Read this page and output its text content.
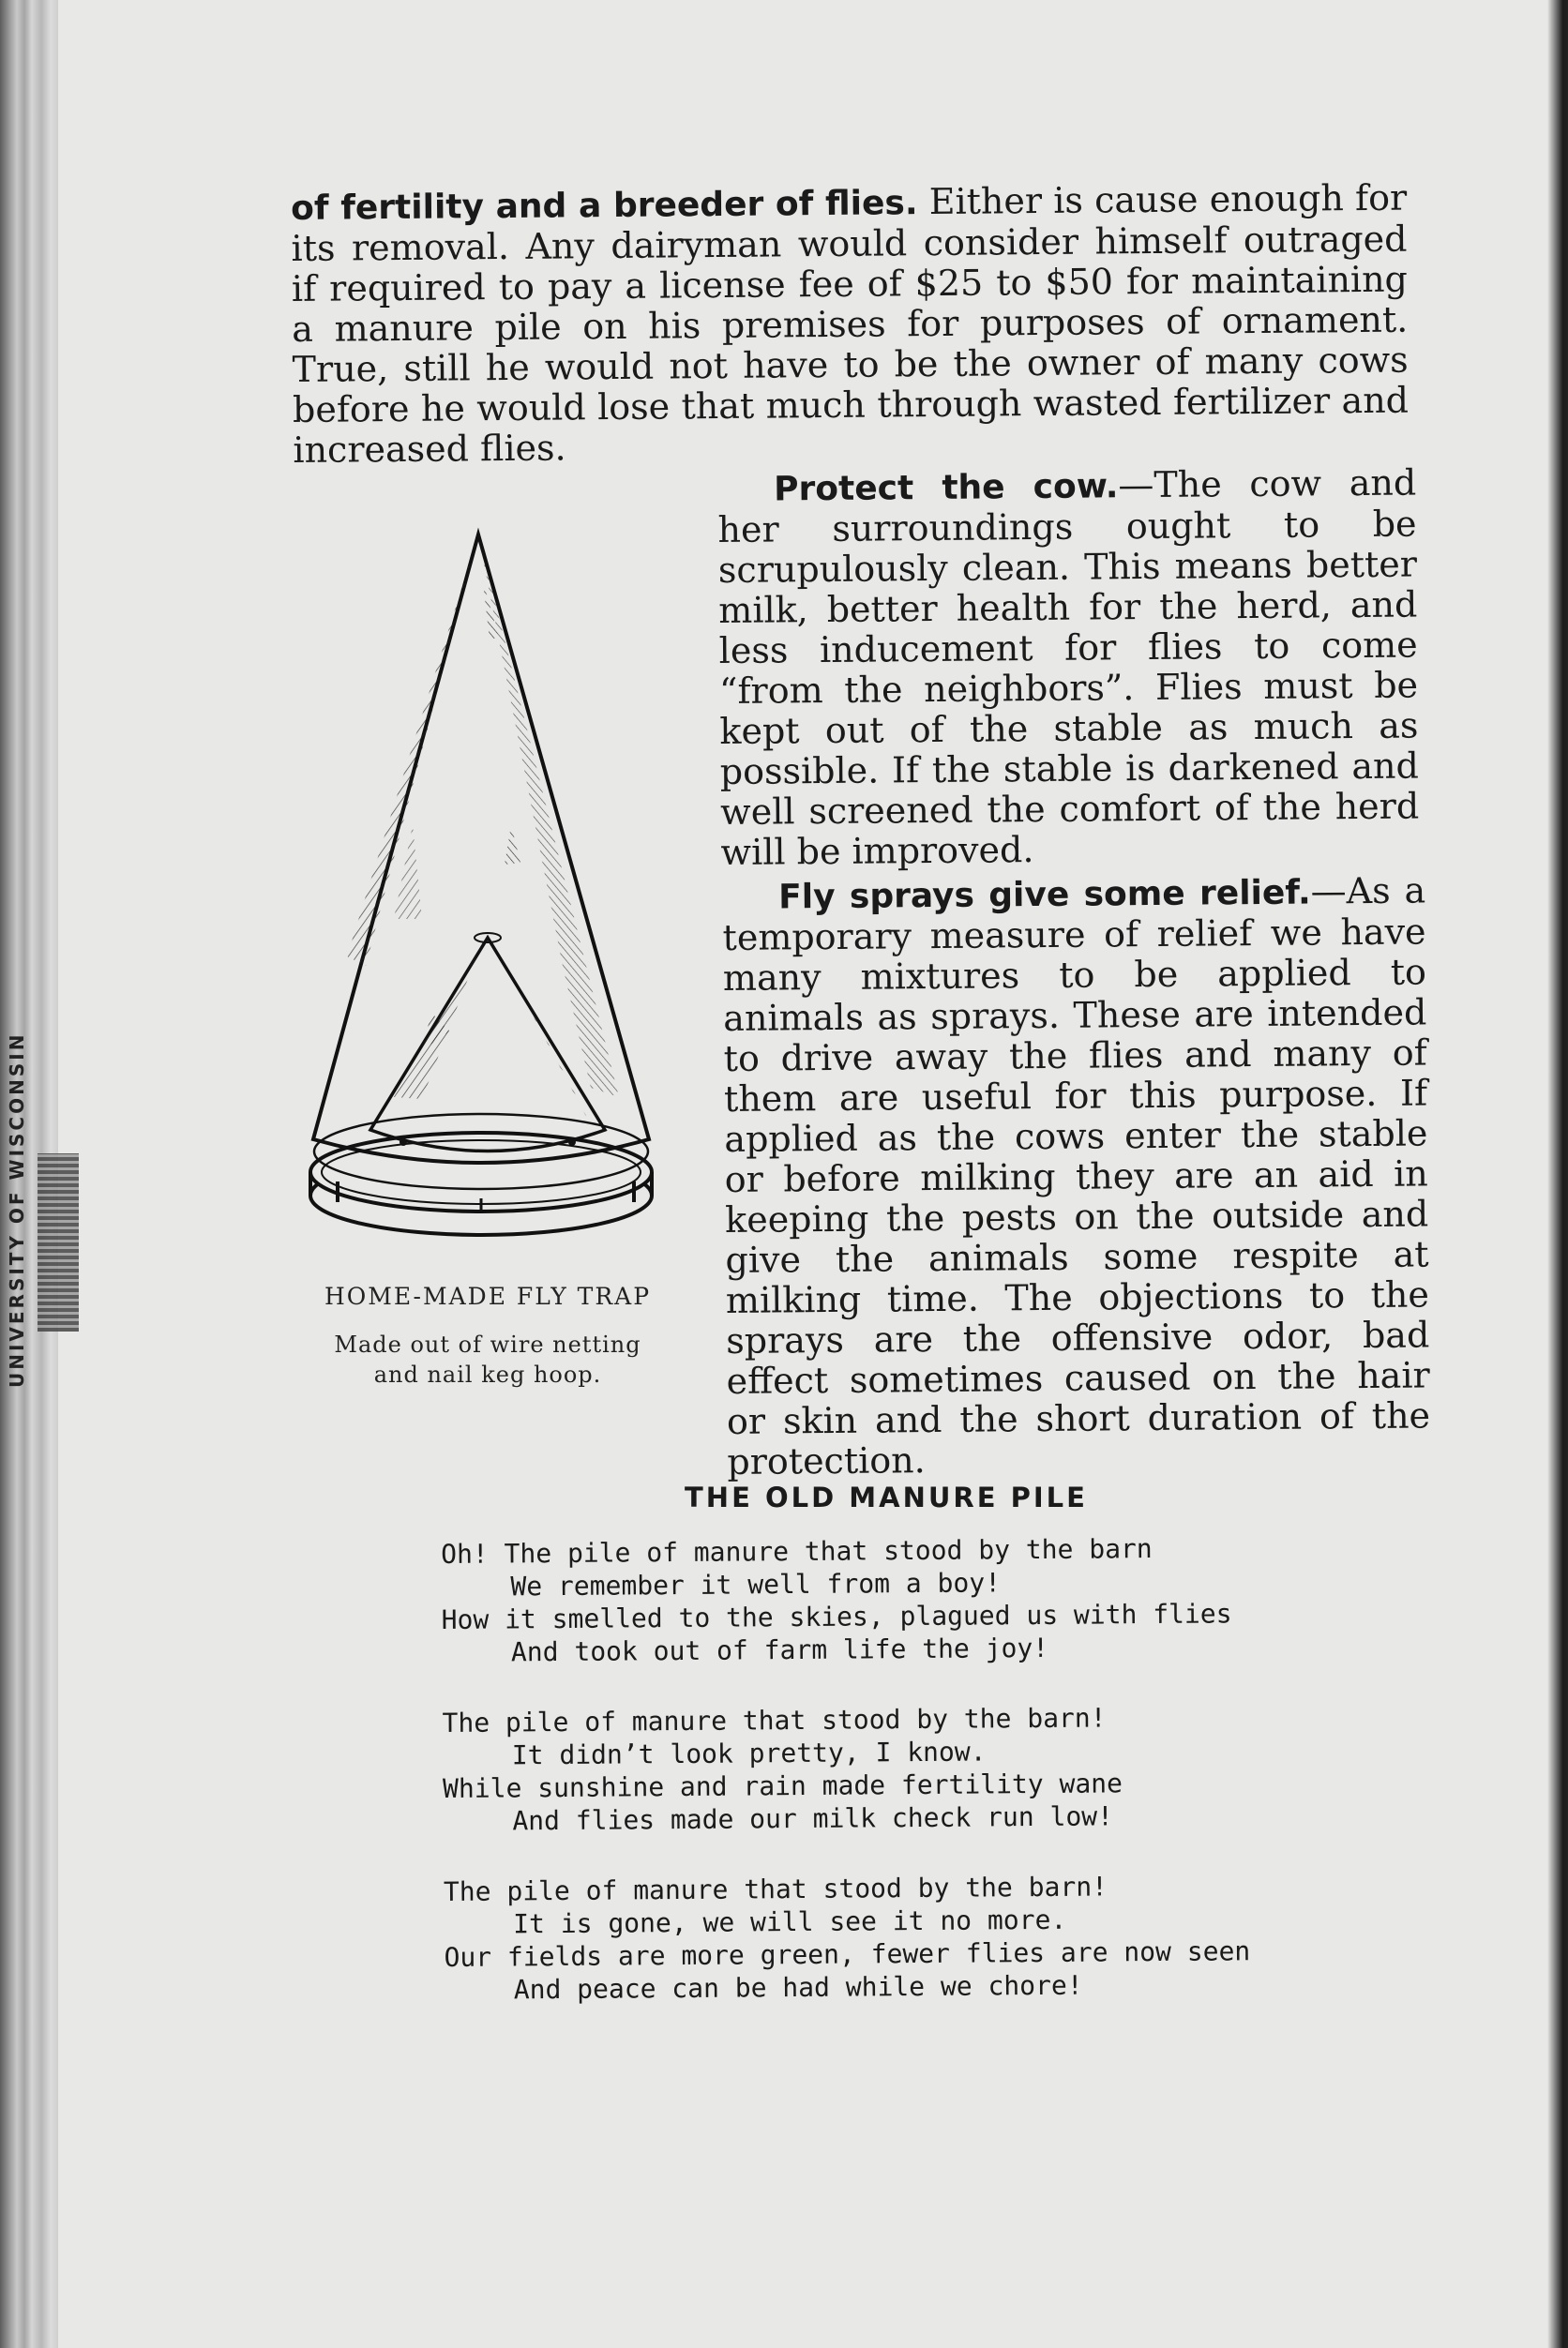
UNIVERSITY OF WISCONSIN

of fertility and a breeder of flies. Either is cause enough for its removal. Any dairyman would consider himself outraged if required to pay a license fee of $25 to $50 for maintaining a manure pile on his premises for purposes of ornament. True, still he would not have to be the owner of many cows before he would lose that much through wasted fertilizer and increased flies.

Protect the cow.—The cow and her surroundings ought to be scrupulously clean. This means better milk, better health for the herd, and less inducement for flies to come “from the neighbors”. Flies must be kept out of the stable as much as possible. If the stable is darkened and well screened the comfort of the herd will be improved.

Fly sprays give some relief.—As a temporary measure of relief we have many mixtures to be applied to animals as sprays. These are intended to drive away the flies and many of them are useful for this purpose. If applied as the cows enter the stable or before milking they are an aid in keeping the pests on the outside and give the animals some respite at milking time. The objections to the sprays are the offensive odor, bad effect sometimes caused on the hair or skin and the short duration of the protection.

HOME-MADE FLY TRAP
Made out of wire netting
and nail keg hoop.
THE OLD MANURE PILE
Oh! The pile of manure that stood by the barn
We remember it well from a boy!
How it smelled to the skies, plagued us with flies
And took out of farm life the joy!
The pile of manure that stood by the barn!
It didn’t look pretty, I know.
While sunshine and rain made fertility wane
And flies made our milk check run low!
The pile of manure that stood by the barn!
It is gone, we will see it no more.
Our fields are more green, fewer flies are now seen
And peace can be had while we chore!
